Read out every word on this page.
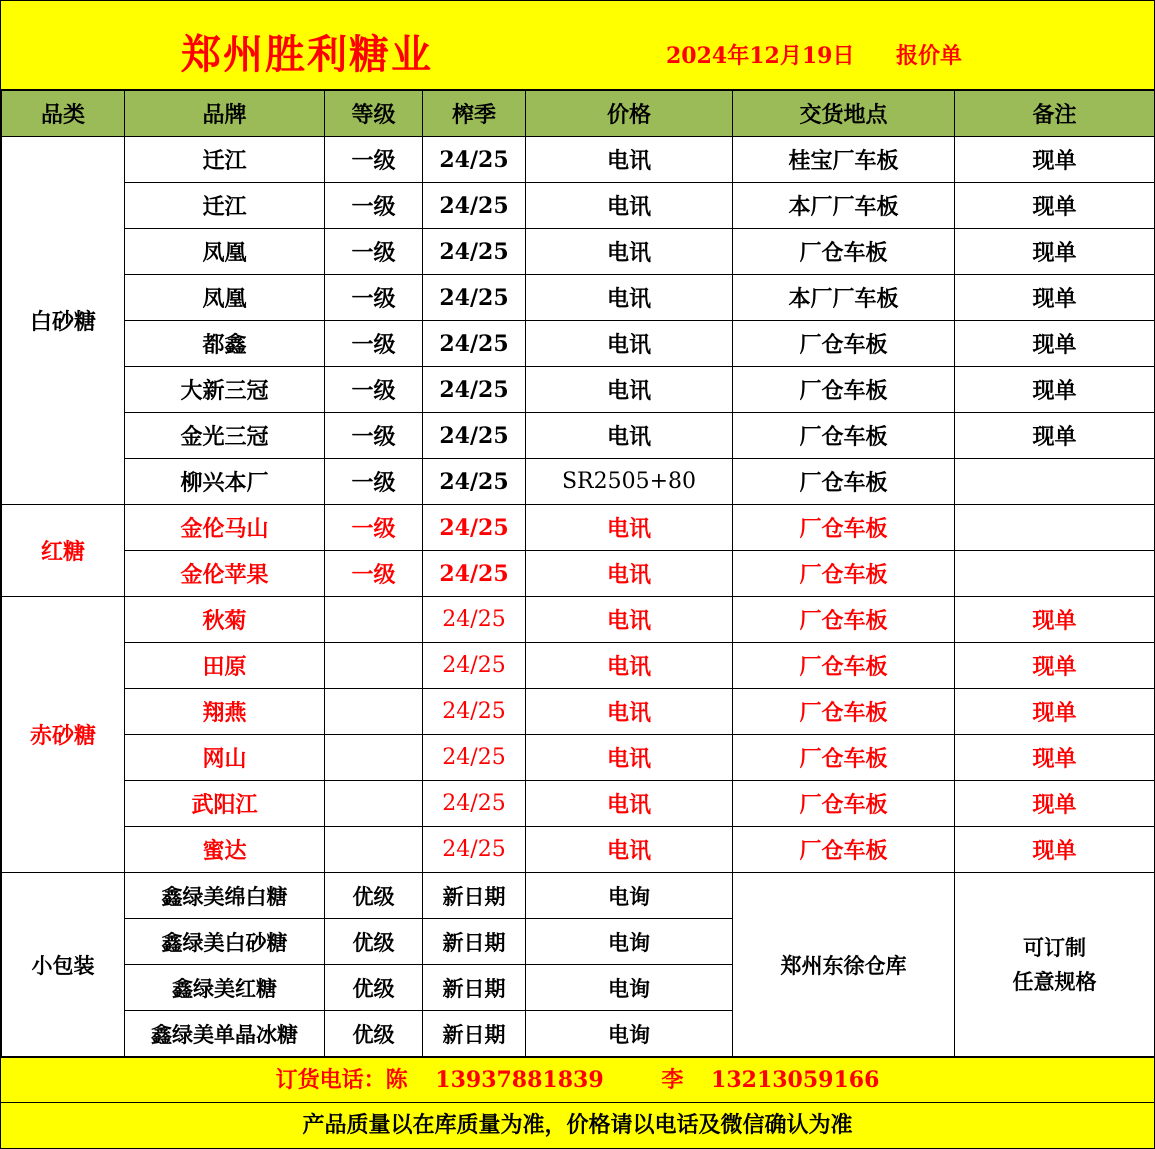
郑州胜利糖业	2024年12月19日 报价单
品类	品牌	等级	榨季	价格	交货地点	备注
白砂糖	迁江	一级	24/25	电讯	桂宝厂车板	现单
	迁江	一级	24/25	电讯	本厂厂车板	现单
	凤凰	一级	24/25	电讯	厂仓车板	现单
	凤凰	一级	24/25	电讯	本厂厂车板	现单
	都鑫	一级	24/25	电讯	厂仓车板	现单
	大新三冠	一级	24/25	电讯	厂仓车板	现单
	金光三冠	一级	24/25	电讯	厂仓车板	现单
	柳兴本厂	一级	24/25	SR2505+80	厂仓车板	
红糖	金伦马山	一级	24/25	电讯	厂仓车板	
	金伦苹果	一级	24/25	电讯	厂仓车板	
赤砂糖	秋菊		24/25	电讯	厂仓车板	现单
	田原		24/25	电讯	厂仓车板	现单
	翔燕		24/25	电讯	厂仓车板	现单
	网山		24/25	电讯	厂仓车板	现单
	武阳江		24/25	电讯	厂仓车板	现单
	蜜达		24/25	电讯	厂仓车板	现单
小包装	鑫绿美绵白糖	优级	新日期	电询	郑州东徐仓库	可订制
任意规格

	鑫绿美白砂糖	优级	新日期	电询		
	鑫绿美红糖	优级	新日期	电询		
	鑫绿美单晶冰糖	优级	新日期	电询		
订货电话：陈 13937881839	李 13213059166
产品质量以在库质量为准，价格请以电话及微信确认为准
